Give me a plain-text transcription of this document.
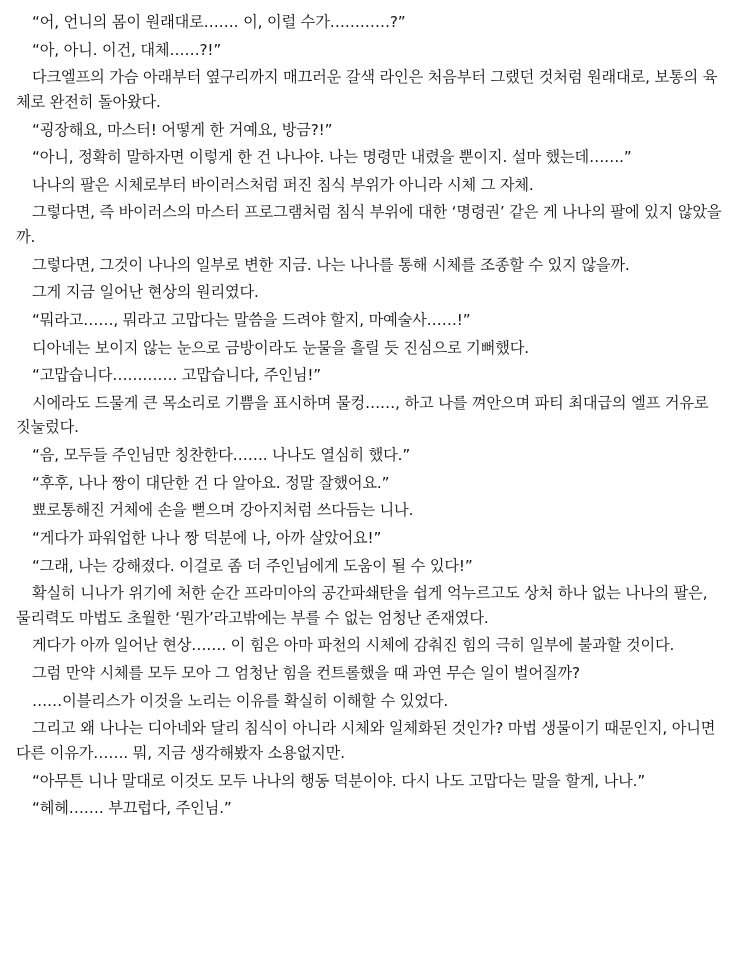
“어, 언니의 몸이 원래대로……. 이, 이럴 수가…………?”

“아, 아니. 이건, 대체……?!”

다크엘프의 가슴 아래부터 옆구리까지 매끄러운 갈색 라인은 처음부터 그랬던 것처럼 원래대로, 보통의 육체로 완전히 돌아왔다.

“굉장해요, 마스터! 어떻게 한 거예요, 방금?!”

“아니, 정확히 말하자면 이렇게 한 건 나나야. 나는 명령만 내렸을 뿐이지. 설마 했는데…….”

나나의 팔은 시체로부터 바이러스처럼 퍼진 침식 부위가 아니라 시체 그 자체.

그렇다면, 즉 바이러스의 마스터 프로그램처럼 침식 부위에 대한 ‘명령권’ 같은 게 나나의 팔에 있지 않았을까.

그렇다면, 그것이 나나의 일부로 변한 지금. 나는 나나를 통해 시체를 조종할 수 있지 않을까.

그게 지금 일어난 현상의 원리였다.

“뭐라고……, 뭐라고 고맙다는 말씀을 드려야 할지, 마예술사……!”

디아네는 보이지 않는 눈으로 금방이라도 눈물을 흘릴 듯 진심으로 기뻐했다.

“고맙습니다…………. 고맙습니다, 주인님!”

시에라도 드물게 큰 목소리로 기쁨을 표시하며 물컹……, 하고 나를 껴안으며 파티 최대급의 엘프 거유로 짓눌렀다.

“음, 모두들 주인님만 칭찬한다……. 나나도 열심히 했다.”

“후후, 나나 짱이 대단한 건 다 알아요. 정말 잘했어요.”

뾰로통해진 거체에 손을 뻗으며 강아지처럼 쓰다듬는 니나.

“게다가 파워업한 나나 짱 덕분에 나, 아까 살았어요!”

“그래, 나는 강해졌다. 이걸로 좀 더 주인님에게 도움이 될 수 있다!”

확실히 니나가 위기에 처한 순간 프라미아의 공간파쇄탄을 쉽게 억누르고도 상처 하나 없는 나나의 팔은, 물리력도 마법도 초월한 ‘뭔가’라고밖에는 부를 수 없는 엄청난 존재였다.

게다가 아까 일어난 현상……. 이 힘은 아마 파천의 시체에 감춰진 힘의 극히 일부에 불과할 것이다.

그럼 만약 시체를 모두 모아 그 엄청난 힘을 컨트롤했을 때 과연 무슨 일이 벌어질까?

……이블리스가 이것을 노리는 이유를 확실히 이해할 수 있었다.

그리고 왜 나나는 디아네와 달리 침식이 아니라 시체와 일체화된 것인가? 마법 생물이기 때문인지, 아니면 다른 이유가……. 뭐, 지금 생각해봤자 소용없지만.

“아무튼 니나 말대로 이것도 모두 나나의 행동 덕분이야. 다시 나도 고맙다는 말을 할게, 나나.”

“헤헤……. 부끄럽다, 주인님.”
